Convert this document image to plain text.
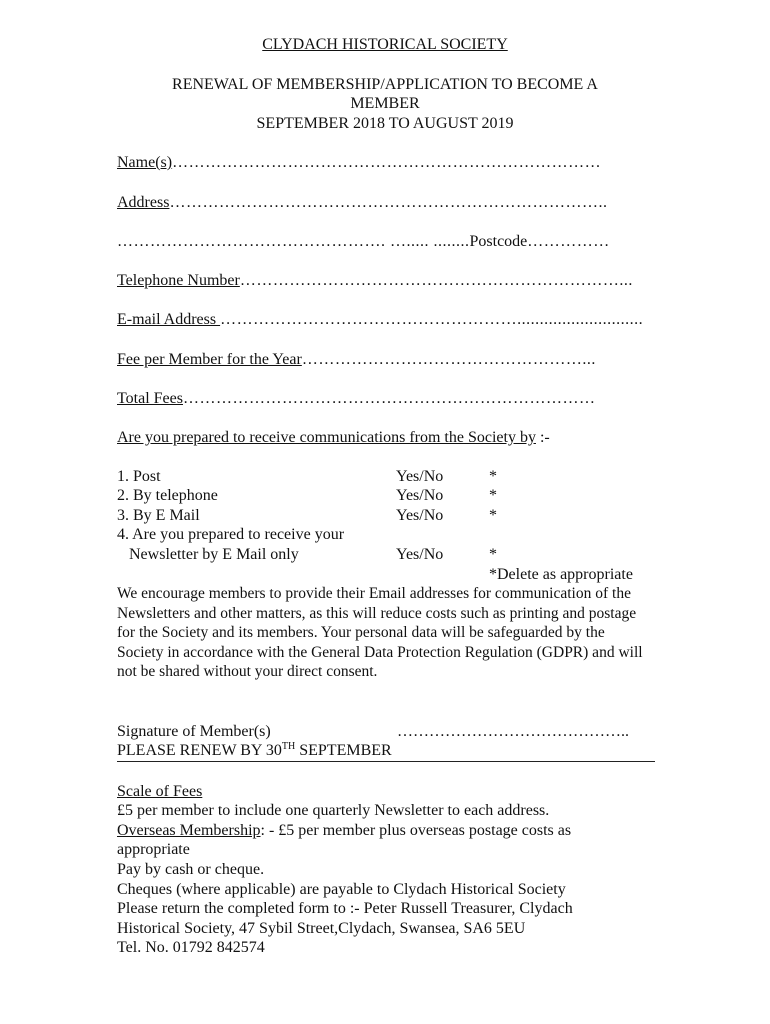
CLYDACH HISTORICAL SOCIETY
RENEWAL OF MEMBERSHIP/APPLICATION TO BECOME A
MEMBER
SEPTEMBER 2018 TO AUGUST 2019
Name(s)……………………………………………………………………
Address……………………………………………………………………..
…………………………………………. …..... ........Postcode……………
Telephone Number……………………………………………………………...
E-mail Address ………………………………………………............................
Fee per Member for the Year……………………………………………...
Total Fees…………………………………………………………………
Are you prepared to receive communications from the Society by :-
1. Post	Yes/No	*
2. By telephone	Yes/No	*
3. By E Mail	Yes/No	*
4. Are you prepared to receive your
Newsletter by E Mail only	Yes/No	*
*Delete as appropriate
We encourage members to provide their Email addresses for communication of the Newsletters and other matters, as this will reduce costs such as printing and postage for the Society and its members. Your personal data will be safeguarded by the Society in accordance with the General Data Protection Regulation (GDPR) and will not be shared without your direct consent.
Signature of Member(s)	……………………………………..
PLEASE RENEW BY 30TH SEPTEMBER
Scale of Fees
£5 per member to include one quarterly Newsletter to each address.
Overseas Membership: - £5 per member plus overseas postage costs as
appropriate
Pay by cash or cheque.
Cheques (where applicable) are payable to Clydach Historical Society
Please return the completed form to :- Peter Russell Treasurer, Clydach
Historical Society, 47 Sybil Street,Clydach, Swansea, SA6 5EU
Tel. No. 01792 842574
